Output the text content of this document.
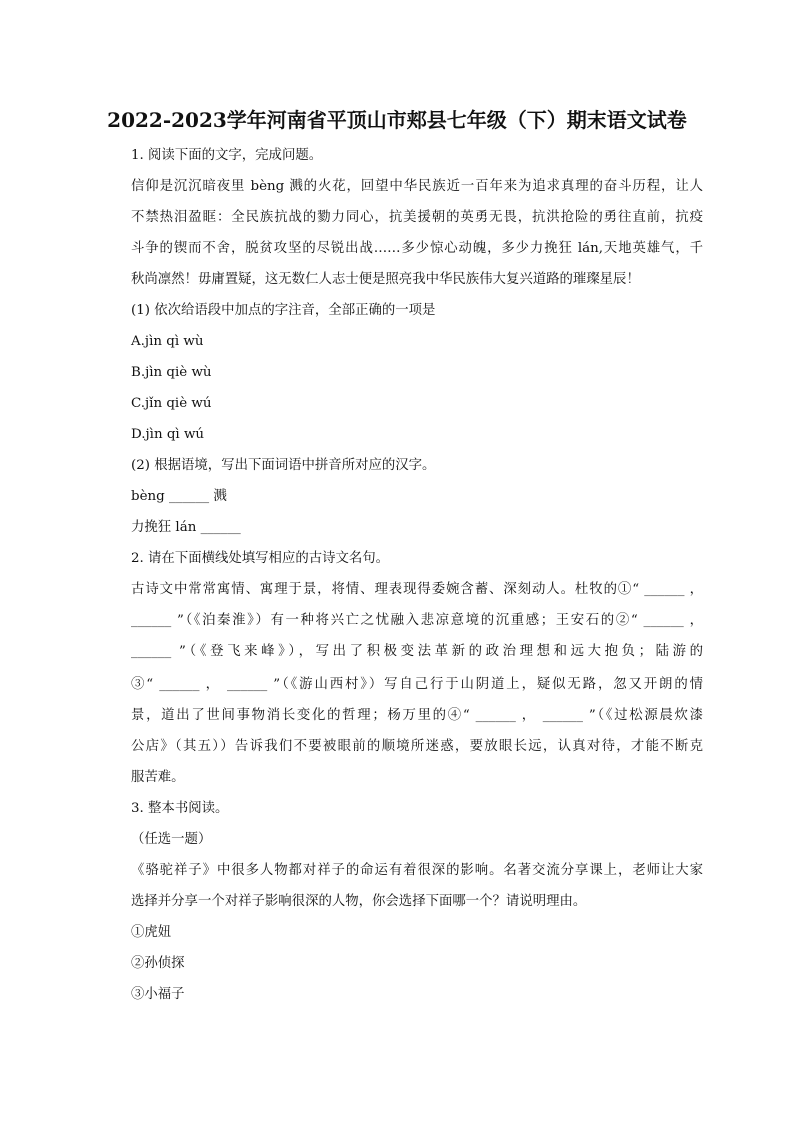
2022-2023学年河南省平顶山市郏县七年级（下）期末语文试卷
1. 阅读下面的文字，完成问题。
信仰是沉沉暗夜里 bèng 溅的火花，回望中华民族近一百年来为追求真理的奋斗历程，让人
不禁热泪盈眶：全民族抗战的勠力同心，抗美援朝的英勇无畏，抗洪抢险的勇往直前，抗疫
斗争的锲而不舍，脱贫攻坚的尽锐出战……多少惊心动魄，多少力挽狂 lán,天地英雄气，千
秋尚凛然！毋庸置疑，这无数仁人志士便是照亮我中华民族伟大复兴道路的璀璨星辰！
(1) 依次给语段中加点的字注音，全部正确的一项是
A.jìn qì wù
B.jìn qiè wù
C.jǐn qiè wú
D.jìn qì wú
(2) 根据语境，写出下面词语中拼音所对应的汉字。
bèng ______ 溅
力挽狂 lán ______
2. 请在下面横线处填写相应的古诗文名句。
古诗文中常常寓情、寓理于景，将情、理表现得委婉含蓄、深刻动人。杜牧的①“ ______ ，
______ ”（《泊秦淮》）有一种将兴亡之忧融入悲凉意境的沉重感；王安石的②“ ______ ，
______ ”（《登飞来峰》），写出了积极变法革新的政治理想和远大抱负；陆游的
③“ ______ ， ______ ”（《游山西村》）写自己行于山阴道上，疑似无路，忽又开朗的情
景，道出了世间事物消长变化的哲理；杨万里的④“ ______ ， ______ ”（《过松源晨炊漆
公店》（其五））告诉我们不要被眼前的顺境所迷惑，要放眼长远，认真对待，才能不断克
服苦难。
3. 整本书阅读。
（任选一题）
《骆驼祥子》中很多人物都对祥子的命运有着很深的影响。名著交流分享课上，老师让大家
选择并分享一个对祥子影响很深的人物，你会选择下面哪一个？请说明理由。
①虎妞
②孙侦探
③小福子
